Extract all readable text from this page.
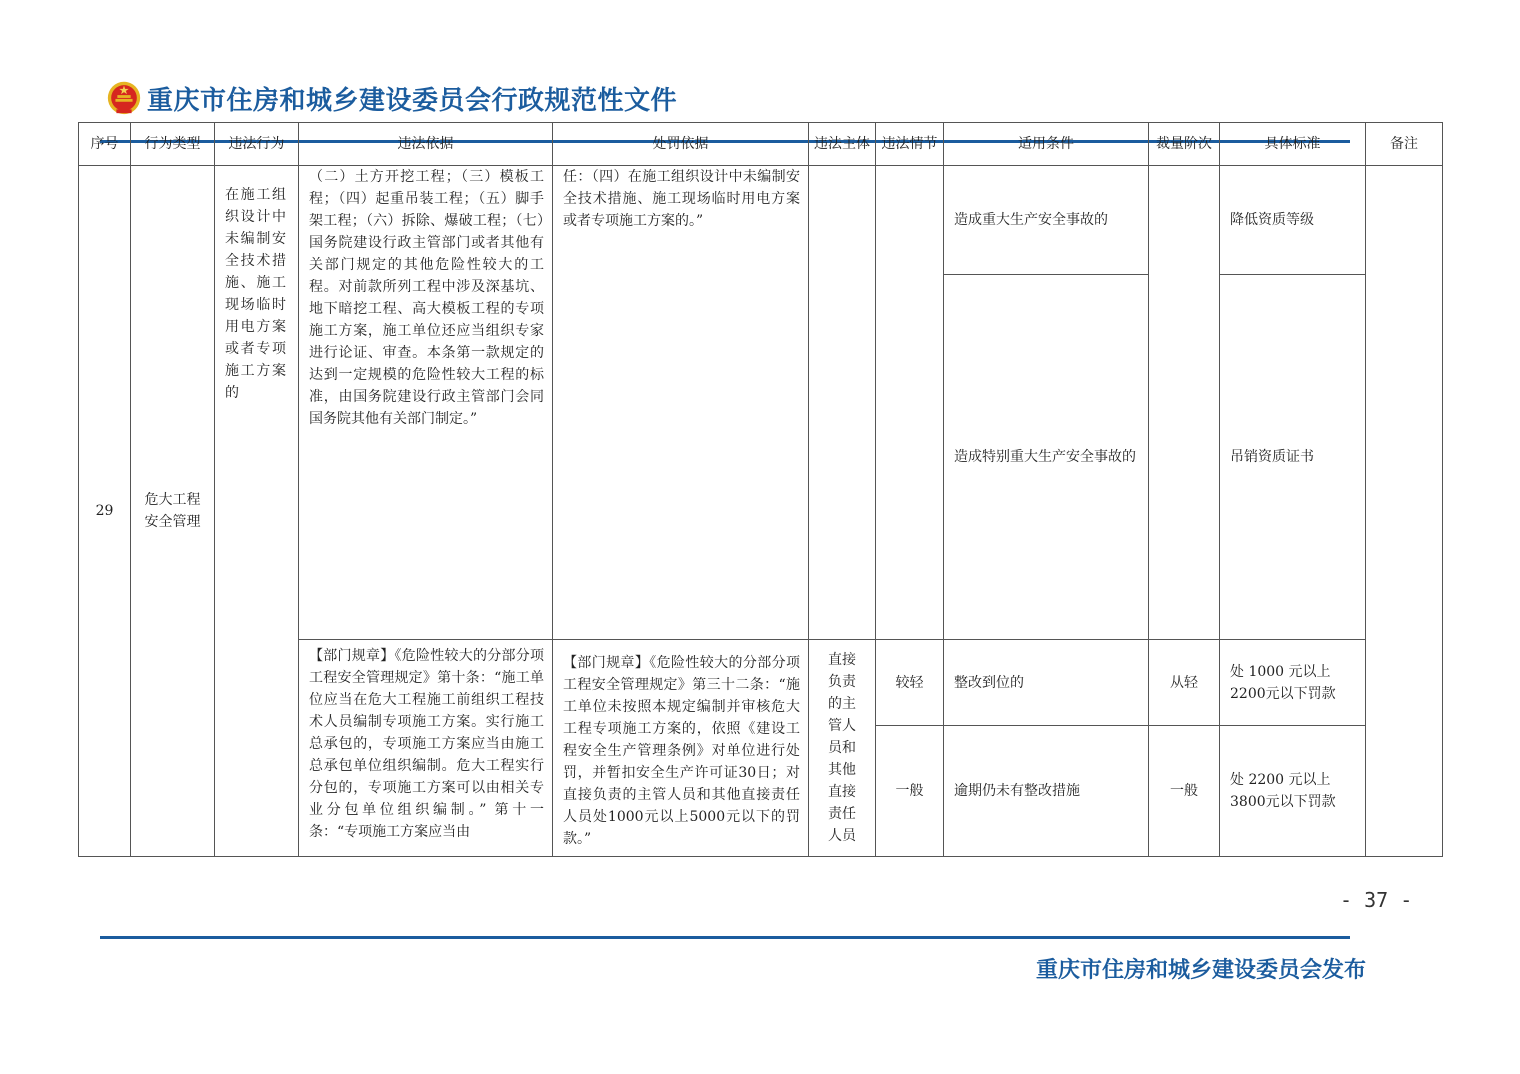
重庆市住房和城乡建设委员会行政规范性文件
序号	行为类型	违法行为	违法依据	处罚依据	违法主体	违法情节	适用条件	裁量阶次	具体标准	备注
29	危大工程安全管理	在施工组织设计中未编制安全技术措施、施工现场临时用电方案或者专项施工方案的	（二）土方开挖工程；（三）模板工程；（四）起重吊装工程；（五）脚手架工程；（六）拆除、爆破工程；（七）国务院建设行政主管部门或者其他有关部门规定的其他危险性较大的工程。对前款所列工程中涉及深基坑、地下暗挖工程、高大模板工程的专项施工方案，施工单位还应当组织专家进行论证、审查。本条第一款规定的达到一定规模的危险性较大工程的标准，由国务院建设行政主管部门会同国务院其他有关部门制定。”	任：（四）在施工组织设计中未编制安全技术措施、施工现场临时用电方案或者专项施工方案的。”			造成重大生产安全事故的		降低资质等级	
							造成特别重大生产安全事故的		吊销资质证书	

			【部门规章】《危险性较大的分部分项工程安全管理规定》第十条：“施工单位应当在危大工程施工前组织工程技术人员编制专项施工方案。实行施工总承包的，专项施工方案应当由施工总承包单位组织编制。危大工程实行分包的，专项施工方案可以由相关专业分包单位组织编制。” 第十一条：“专项施工方案应当由	【部门规章】《危险性较大的分部分项工程安全管理规定》第三十二条：“施工单位未按照本规定编制并审核危大工程专项施工方案的，依照《建设工程安全生产管理条例》对单位进行处罚，并暂扣安全生产许可证30日；对直接负责的主管人员和其他直接责任人员处1000元以上5000元以下的罚款。”	直接负责的主管人员和其他直接责任人员	较轻	整改到位的	从轻	处 1000 元以上2200元以下罚款	
						一般	逾期仍未有整改措施	一般	处 2200 元以上3800元以下罚款	
- 37 -
重庆市住房和城乡建设委员会发布
